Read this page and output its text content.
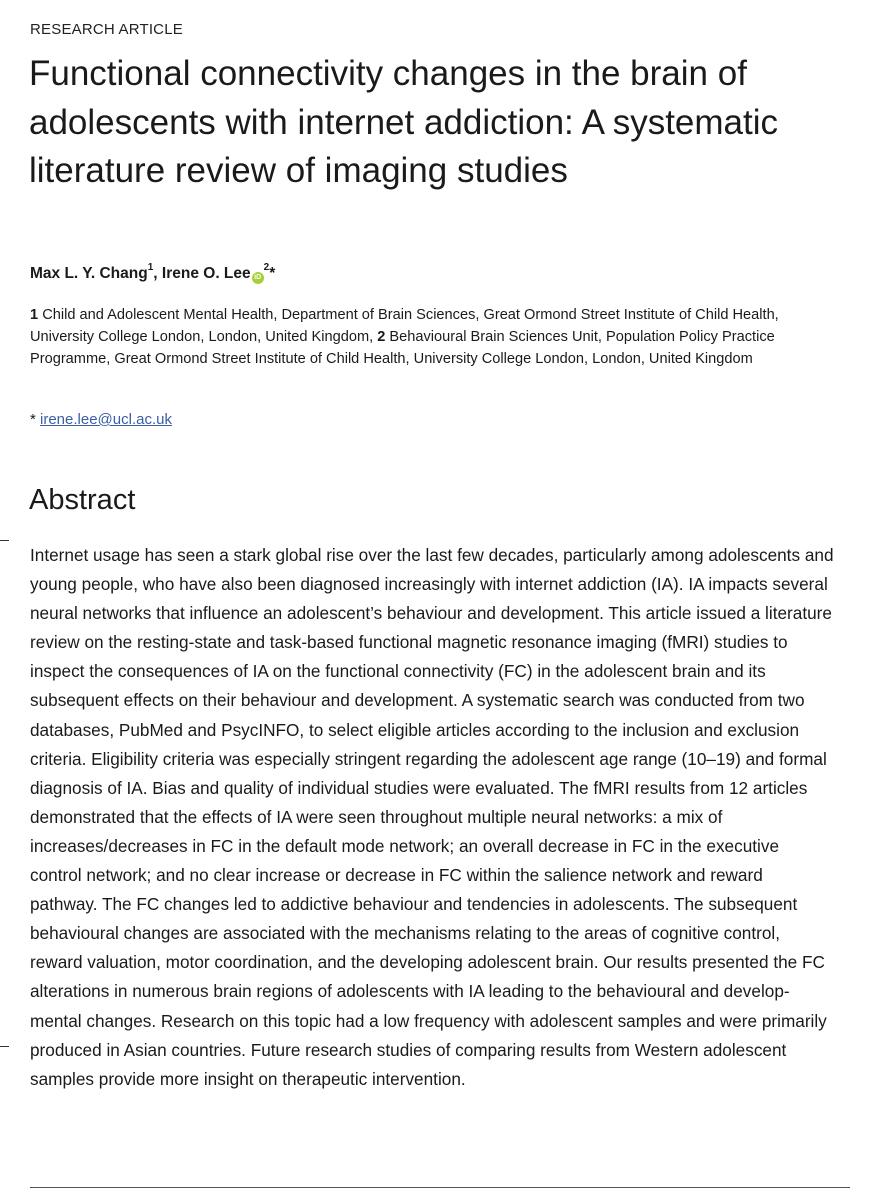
RESEARCH ARTICLE
Functional connectivity changes in the brain of adolescents with internet addiction: A systematic literature review of imaging studies
Max L. Y. Chang$^1$, Irene O. Lee $iD^2*$
1 Child and Adolescent Mental Health, Department of Brain Sciences, Great Ormond Street Institute of Child Health, University College London, London, United Kingdom, 2 Behavioural Brain Sciences Unit, Population Policy Practice Programme, Great Ormond Street Institute of Child Health, University College London, London, United Kingdom
* irene.lee@ucl.ac.uk
Abstract

Internet usage has seen a stark global rise over the last few decades, particularly among adolescents and young people, who have also been diagnosed increasingly with internet addiction (IA). IA impacts several neural networks that influence an adolescent’s behaviour and development. This article issued a literature review on the resting-state and task-based functional magnetic resonance imaging (fMRI) studies to inspect the consequences of IA on the functional connectivity (FC) in the adolescent brain and its subsequent effects on their behaviour and development. A systematic search was conducted from two databases, PubMed and PsycINFO, to select eligible articles according to the inclusion and exclusion criteria. Eligibility criteria was especially stringent regarding the adolescent age range (10–19) and formal diagnosis of IA. Bias and quality of individual studies were evaluated. The fMRI results from 12 articles demonstrated that the effects of IA were seen throughout multiple neural networks: a mix of increases/decreases in FC in the default mode network; an overall decrease in FC in the executive control network; and no clear increase or decrease in FC within the salience network and reward pathway. The FC changes led to addictive behaviour and tendencies in adolescents. The subsequent behavioural changes are associated with the mechanisms relating to the areas of cognitive control, reward valuation, motor coordination, and the developing adolescent brain. Our results presented the FC alterations in numerous brain regions of adolescents with IA leading to the behavioural and developmental changes. Research on this topic had a low frequency with adolescent samples and were primarily produced in Asian countries. Future research studies of comparing results from Western adolescent samples provide more insight on therapeutic intervention.
